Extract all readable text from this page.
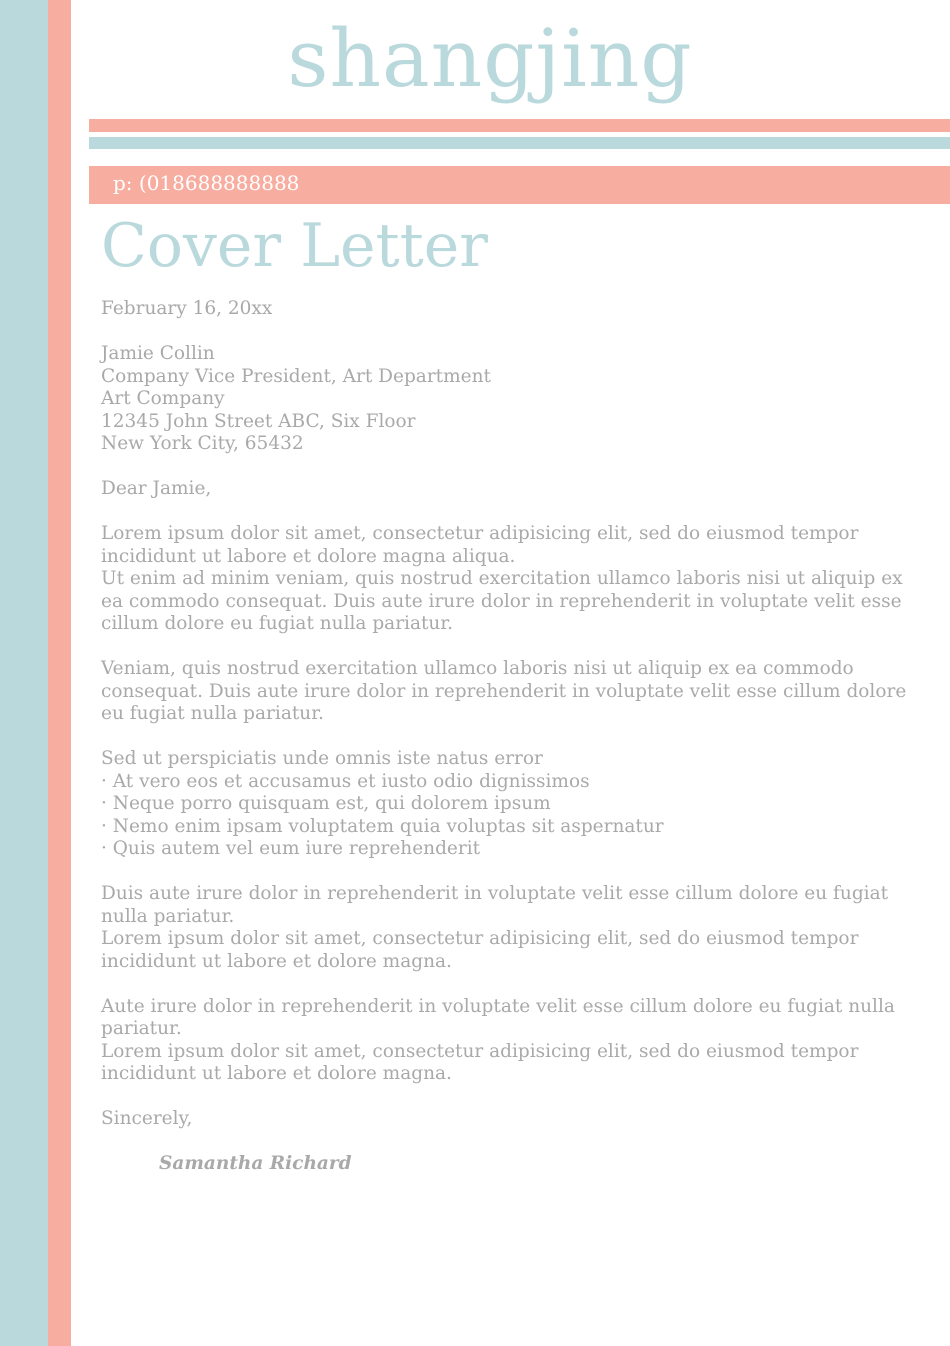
shangjing
p: (018688888888
Cover Letter

February 16, 20xx

Jamie Collin
Company Vice President, Art Department
Art Company
12345 John Street ABC, Six Floor
New York City, 65432

Dear Jamie,

Lorem ipsum dolor sit amet, consectetur adipisicing elit, sed do eiusmod tempor
incididunt ut labore et dolore magna aliqua.
Ut enim ad minim veniam, quis nostrud exercitation ullamco laboris nisi ut aliquip ex
ea commodo consequat. Duis aute irure dolor in reprehenderit in voluptate velit esse
cillum dolore eu fugiat nulla pariatur.

Veniam, quis nostrud exercitation ullamco laboris nisi ut aliquip ex ea commodo
consequat. Duis aute irure dolor in reprehenderit in voluptate velit esse cillum dolore
eu fugiat nulla pariatur.

Sed ut perspiciatis unde omnis iste natus error
· At vero eos et accusamus et iusto odio dignissimos
· Neque porro quisquam est, qui dolorem ipsum
· Nemo enim ipsam voluptatem quia voluptas sit aspernatur
· Quis autem vel eum iure reprehenderit

Duis aute irure dolor in reprehenderit in voluptate velit esse cillum dolore eu fugiat
nulla pariatur.
Lorem ipsum dolor sit amet, consectetur adipisicing elit, sed do eiusmod tempor
incididunt ut labore et dolore magna.

Aute irure dolor in reprehenderit in voluptate velit esse cillum dolore eu fugiat nulla
pariatur.
Lorem ipsum dolor sit amet, consectetur adipisicing elit, sed do eiusmod tempor
incididunt ut labore et dolore magna.

Sincerely,

Samantha Richard
